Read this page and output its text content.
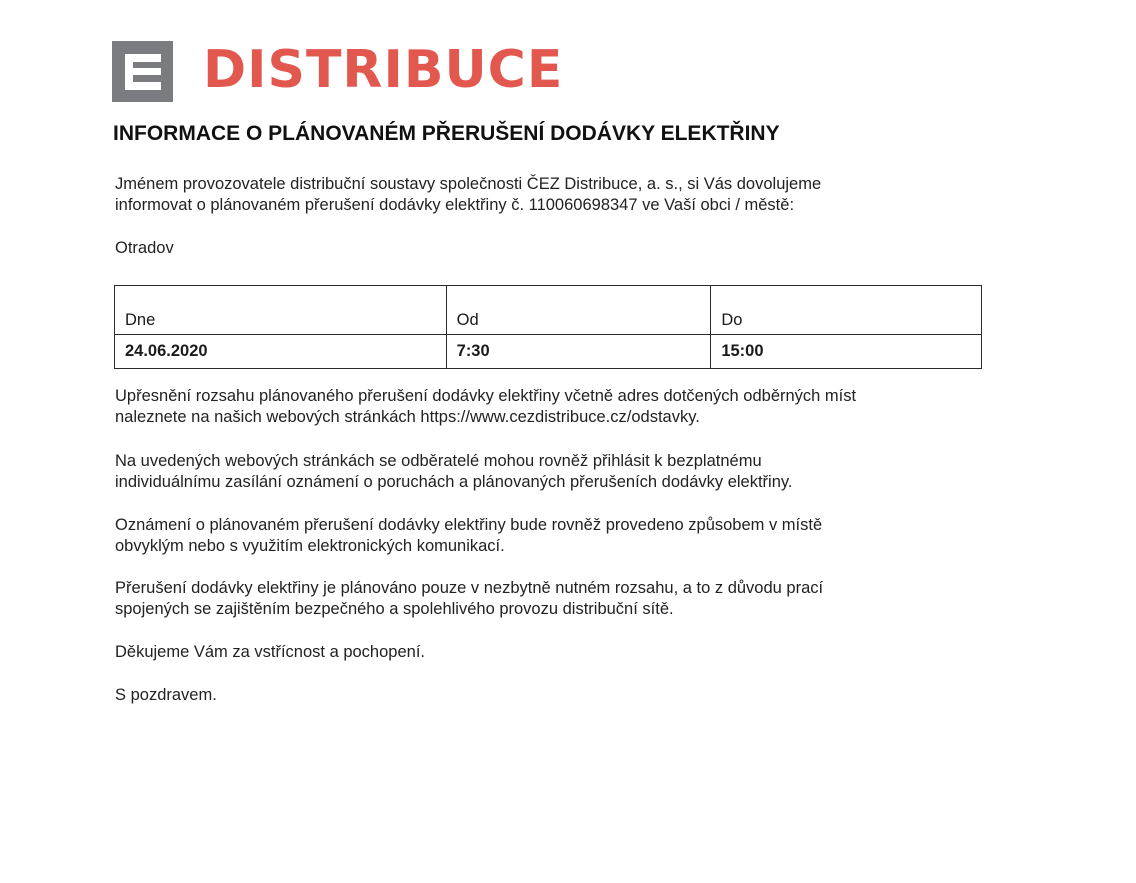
DISTRIBUCE
INFORMACE O PLÁNOVANÉM PŘERUŠENÍ DODÁVKY ELEKTŘINY
Jménem provozovatele distribuční soustavy společnosti ČEZ Distribuce, a. s., si Vás dovolujeme
informovat o plánovaném přerušení dodávky elektřiny č. 110060698347 ve Vaší obci / městě:
Otradov
Dne	Od	Do
24.06.2020	7:30	15:00
Upřesnění rozsahu plánovaného přerušení dodávky elektřiny včetně adres dotčených odběrných míst
naleznete na našich webových stránkách https://www.cezdistribuce.cz/odstavky.
Na uvedených webových stránkách se odběratelé mohou rovněž přihlásit k bezplatnému
individuálnímu zasílání oznámení o poruchách a plánovaných přerušeních dodávky elektřiny.
Oznámení o plánovaném přerušení dodávky elektřiny bude rovněž provedeno způsobem v místě
obvyklým nebo s využitím elektronických komunikací.
Přerušení dodávky elektřiny je plánováno pouze v nezbytně nutném rozsahu, a to z důvodu prací
spojených se zajištěním bezpečného a spolehlivého provozu distribuční sítě.
Děkujeme Vám za vstřícnost a pochopení.
S pozdravem.
